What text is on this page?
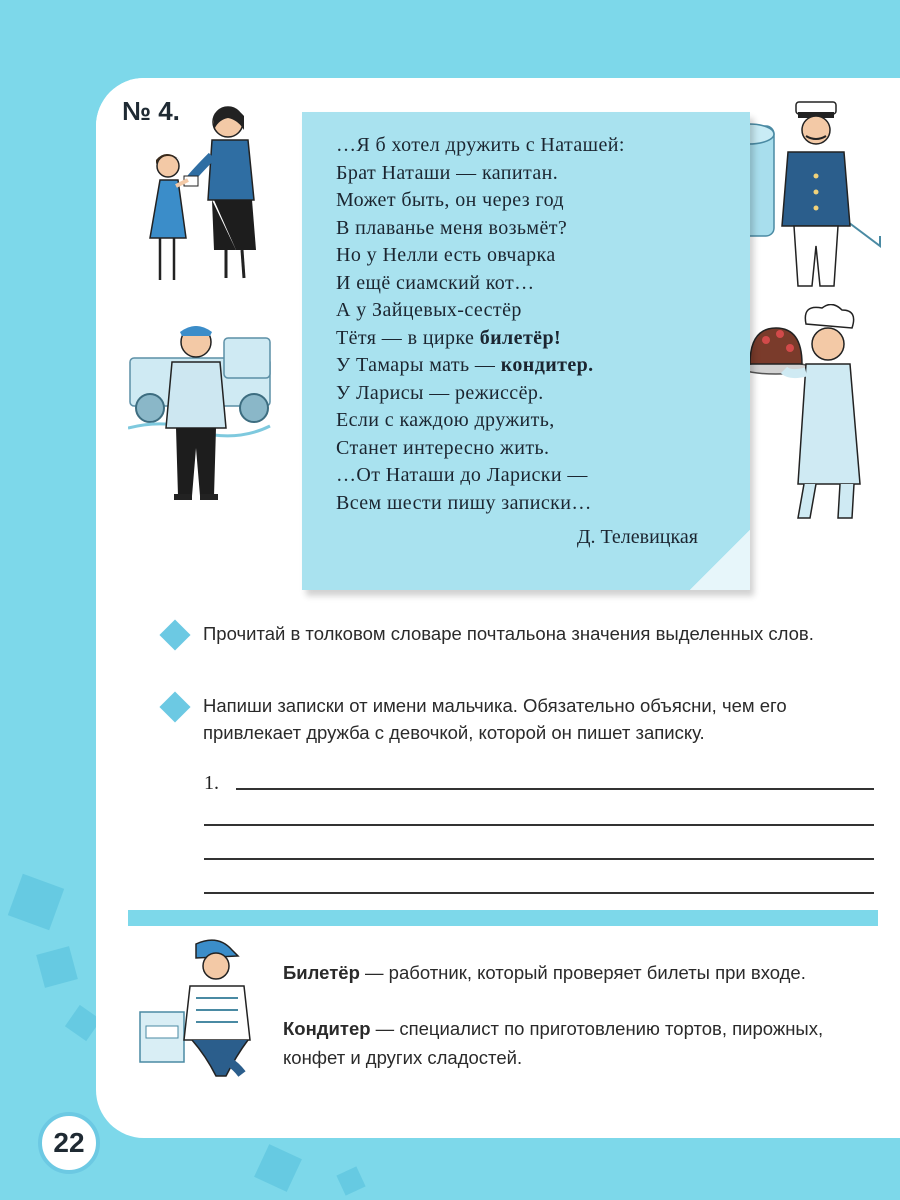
№ 4.
…Я б хотел дружить с Наташей:
Брат Наташи — капитан.
Может быть, он через год
В плаванье меня возьмёт?
Но у Нелли есть овчарка
И ещё сиамский кот…
А у Зайцевых-сестёр
Тётя — в цирке билетёр!
У Тамары мать — кондитер.
У Ларисы — режиссёр.
Если с каждою дружить,
Станет интересно жить.
…От Наташи до Лариски —
Всем шести пишу записки…
Д. Телевицкая
Прочитай в толковом словаре почтальона значения выделенных слов.
Напиши записки от имени мальчика. Обязательно объясни, чем его привлекает дружба с девочкой, которой он пишет записку.
1.
Билетёр — работник, который проверяет билеты при входе.
Кондитер — специалист по приготовлению тортов, пирожных, конфет и других сладостей.
22
